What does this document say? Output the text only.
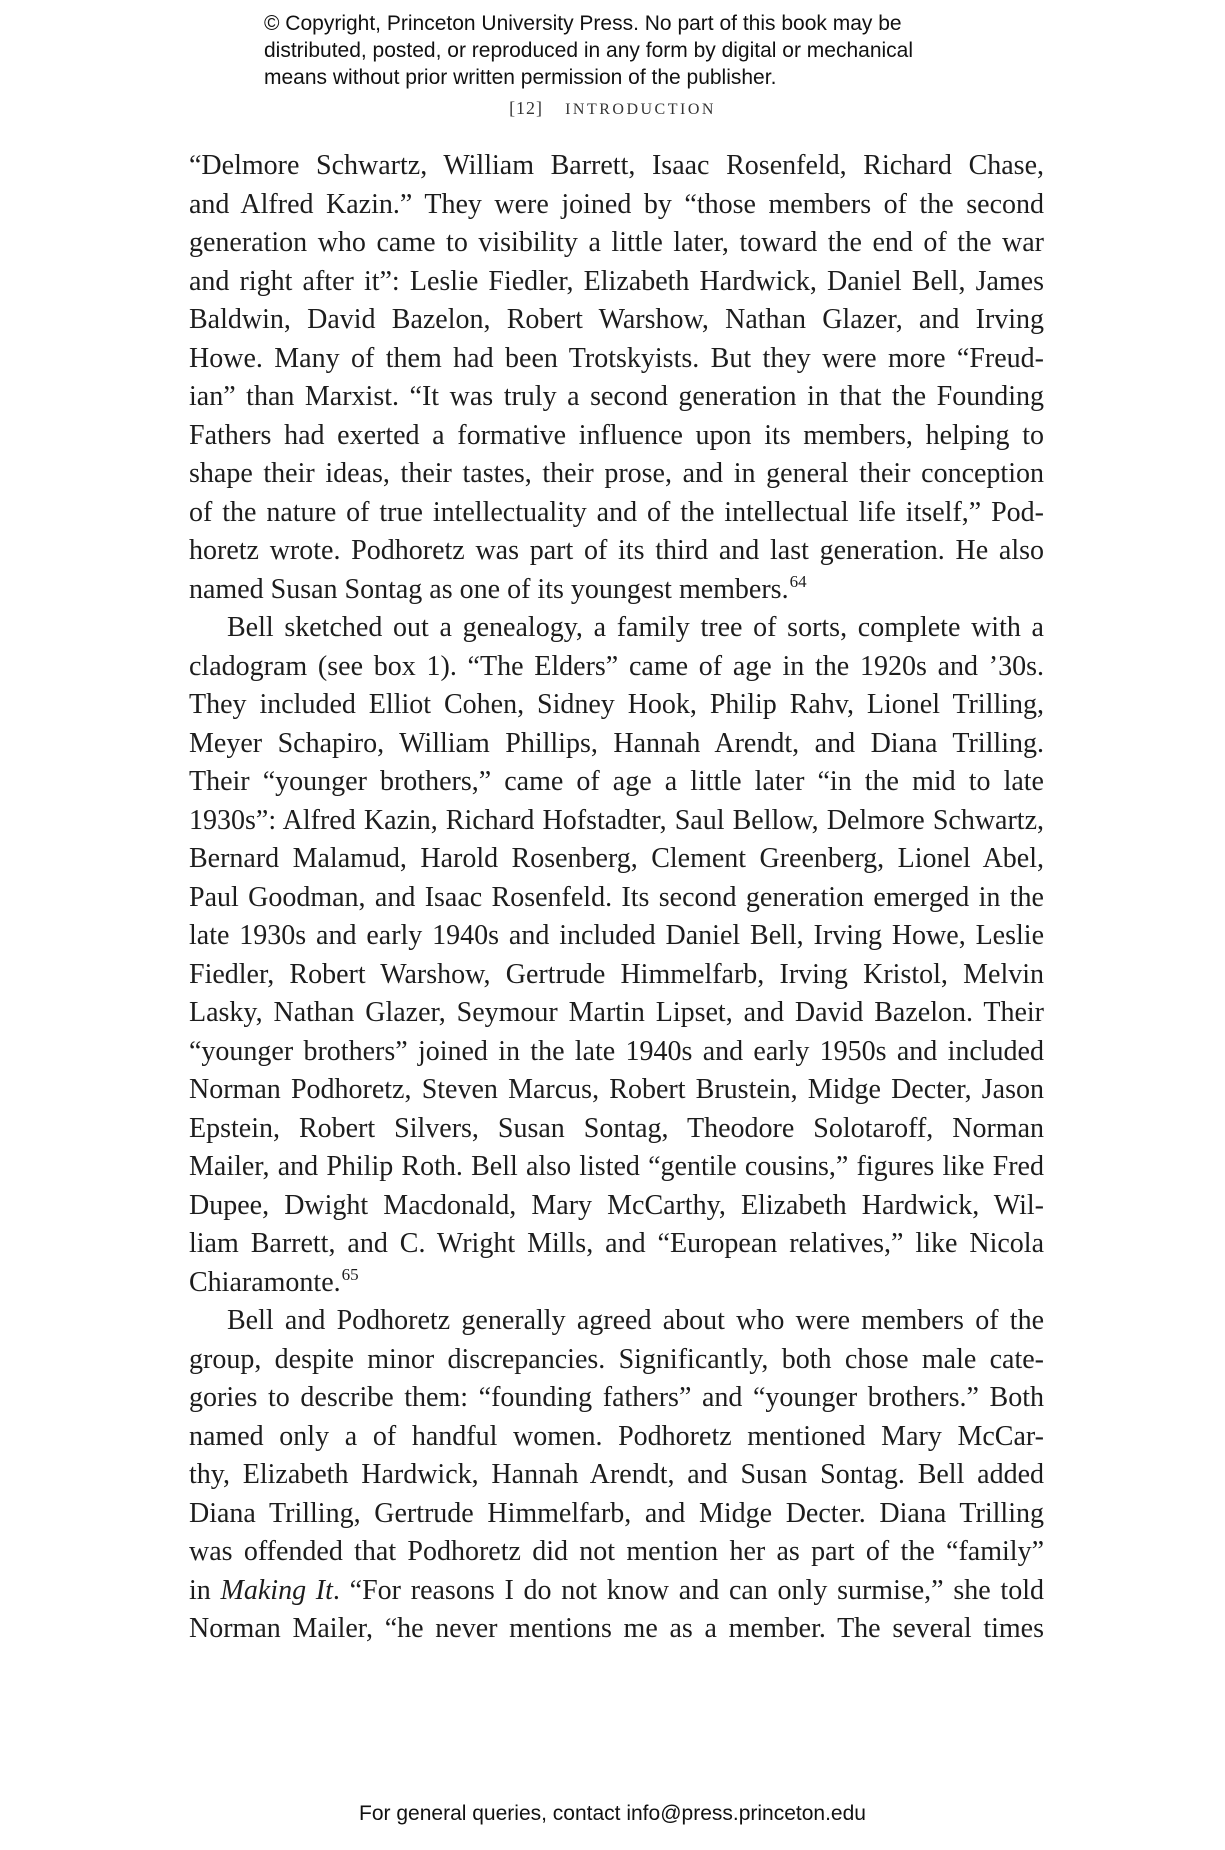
© Copyright, Princeton University Press. No part of this book may be
distributed, posted, or reproduced in any form by digital or mechanical
means without prior written permission of the publisher.
[12] INTRODUCTION
“Delmore Schwartz, William Barrett, Isaac Rosenfeld, Richard Chase,
and Alfred Kazin.” They were joined by “those members of the second
generation who came to visibility a little later, toward the end of the war
and right after it”: Leslie Fiedler, Elizabeth Hardwick, Daniel Bell, James
Baldwin, David Bazelon, Robert Warshow, Nathan Glazer, and Irving
Howe. Many of them had been Trotskyists. But they were more “Freud-
ian” than Marxist. “It was truly a second generation in that the Founding
Fathers had exerted a formative influence upon its members, helping to
shape their ideas, their tastes, their prose, and in general their conception
of the nature of true intellectuality and of the intellectual life itself,” Pod-
horetz wrote. Podhoretz was part of its third and last generation. He also
named Susan Sontag as one of its youngest members.$^{64}$
Bell sketched out a genealogy, a family tree of sorts, complete with a
cladogram (see box 1). “The Elders” came of age in the 1920s and ’30s.
They included Elliot Cohen, Sidney Hook, Philip Rahv, Lionel Trilling,
Meyer Schapiro, William Phillips, Hannah Arendt, and Diana Trilling.
Their “younger brothers,” came of age a little later “in the mid to late
1930s”: Alfred Kazin, Richard Hofstadter, Saul Bellow, Delmore Schwartz,
Bernard Malamud, Harold Rosenberg, Clement Greenberg, Lionel Abel,
Paul Goodman, and Isaac Rosenfeld. Its second generation emerged in the
late 1930s and early 1940s and included Daniel Bell, Irving Howe, Leslie
Fiedler, Robert Warshow, Gertrude Himmelfarb, Irving Kristol, Melvin
Lasky, Nathan Glazer, Seymour Martin Lipset, and David Bazelon. Their
“younger brothers” joined in the late 1940s and early 1950s and included
Norman Podhoretz, Steven Marcus, Robert Brustein, Midge Decter, Jason
Epstein, Robert Silvers, Susan Sontag, Theodore Solotaroff, Norman
Mailer, and Philip Roth. Bell also listed “gentile cousins,” figures like Fred
Dupee, Dwight Macdonald, Mary McCarthy, Elizabeth Hardwick, Wil-
liam Barrett, and C. Wright Mills, and “European relatives,” like Nicola
Chiaramonte.$^{65}$
Bell and Podhoretz generally agreed about who were members of the
group, despite minor discrepancies. Significantly, both chose male cate-
gories to describe them: “founding fathers” and “younger brothers.” Both
named only a of handful women. Podhoretz mentioned Mary McCar-
thy, Elizabeth Hardwick, Hannah Arendt, and Susan Sontag. Bell added
Diana Trilling, Gertrude Himmelfarb, and Midge Decter. Diana Trilling
was offended that Podhoretz did not mention her as part of the “family”
in Making It. “For reasons I do not know and can only surmise,” she told
Norman Mailer, “he never mentions me as a member. The several times
For general queries, contact info@press.princeton.edu
